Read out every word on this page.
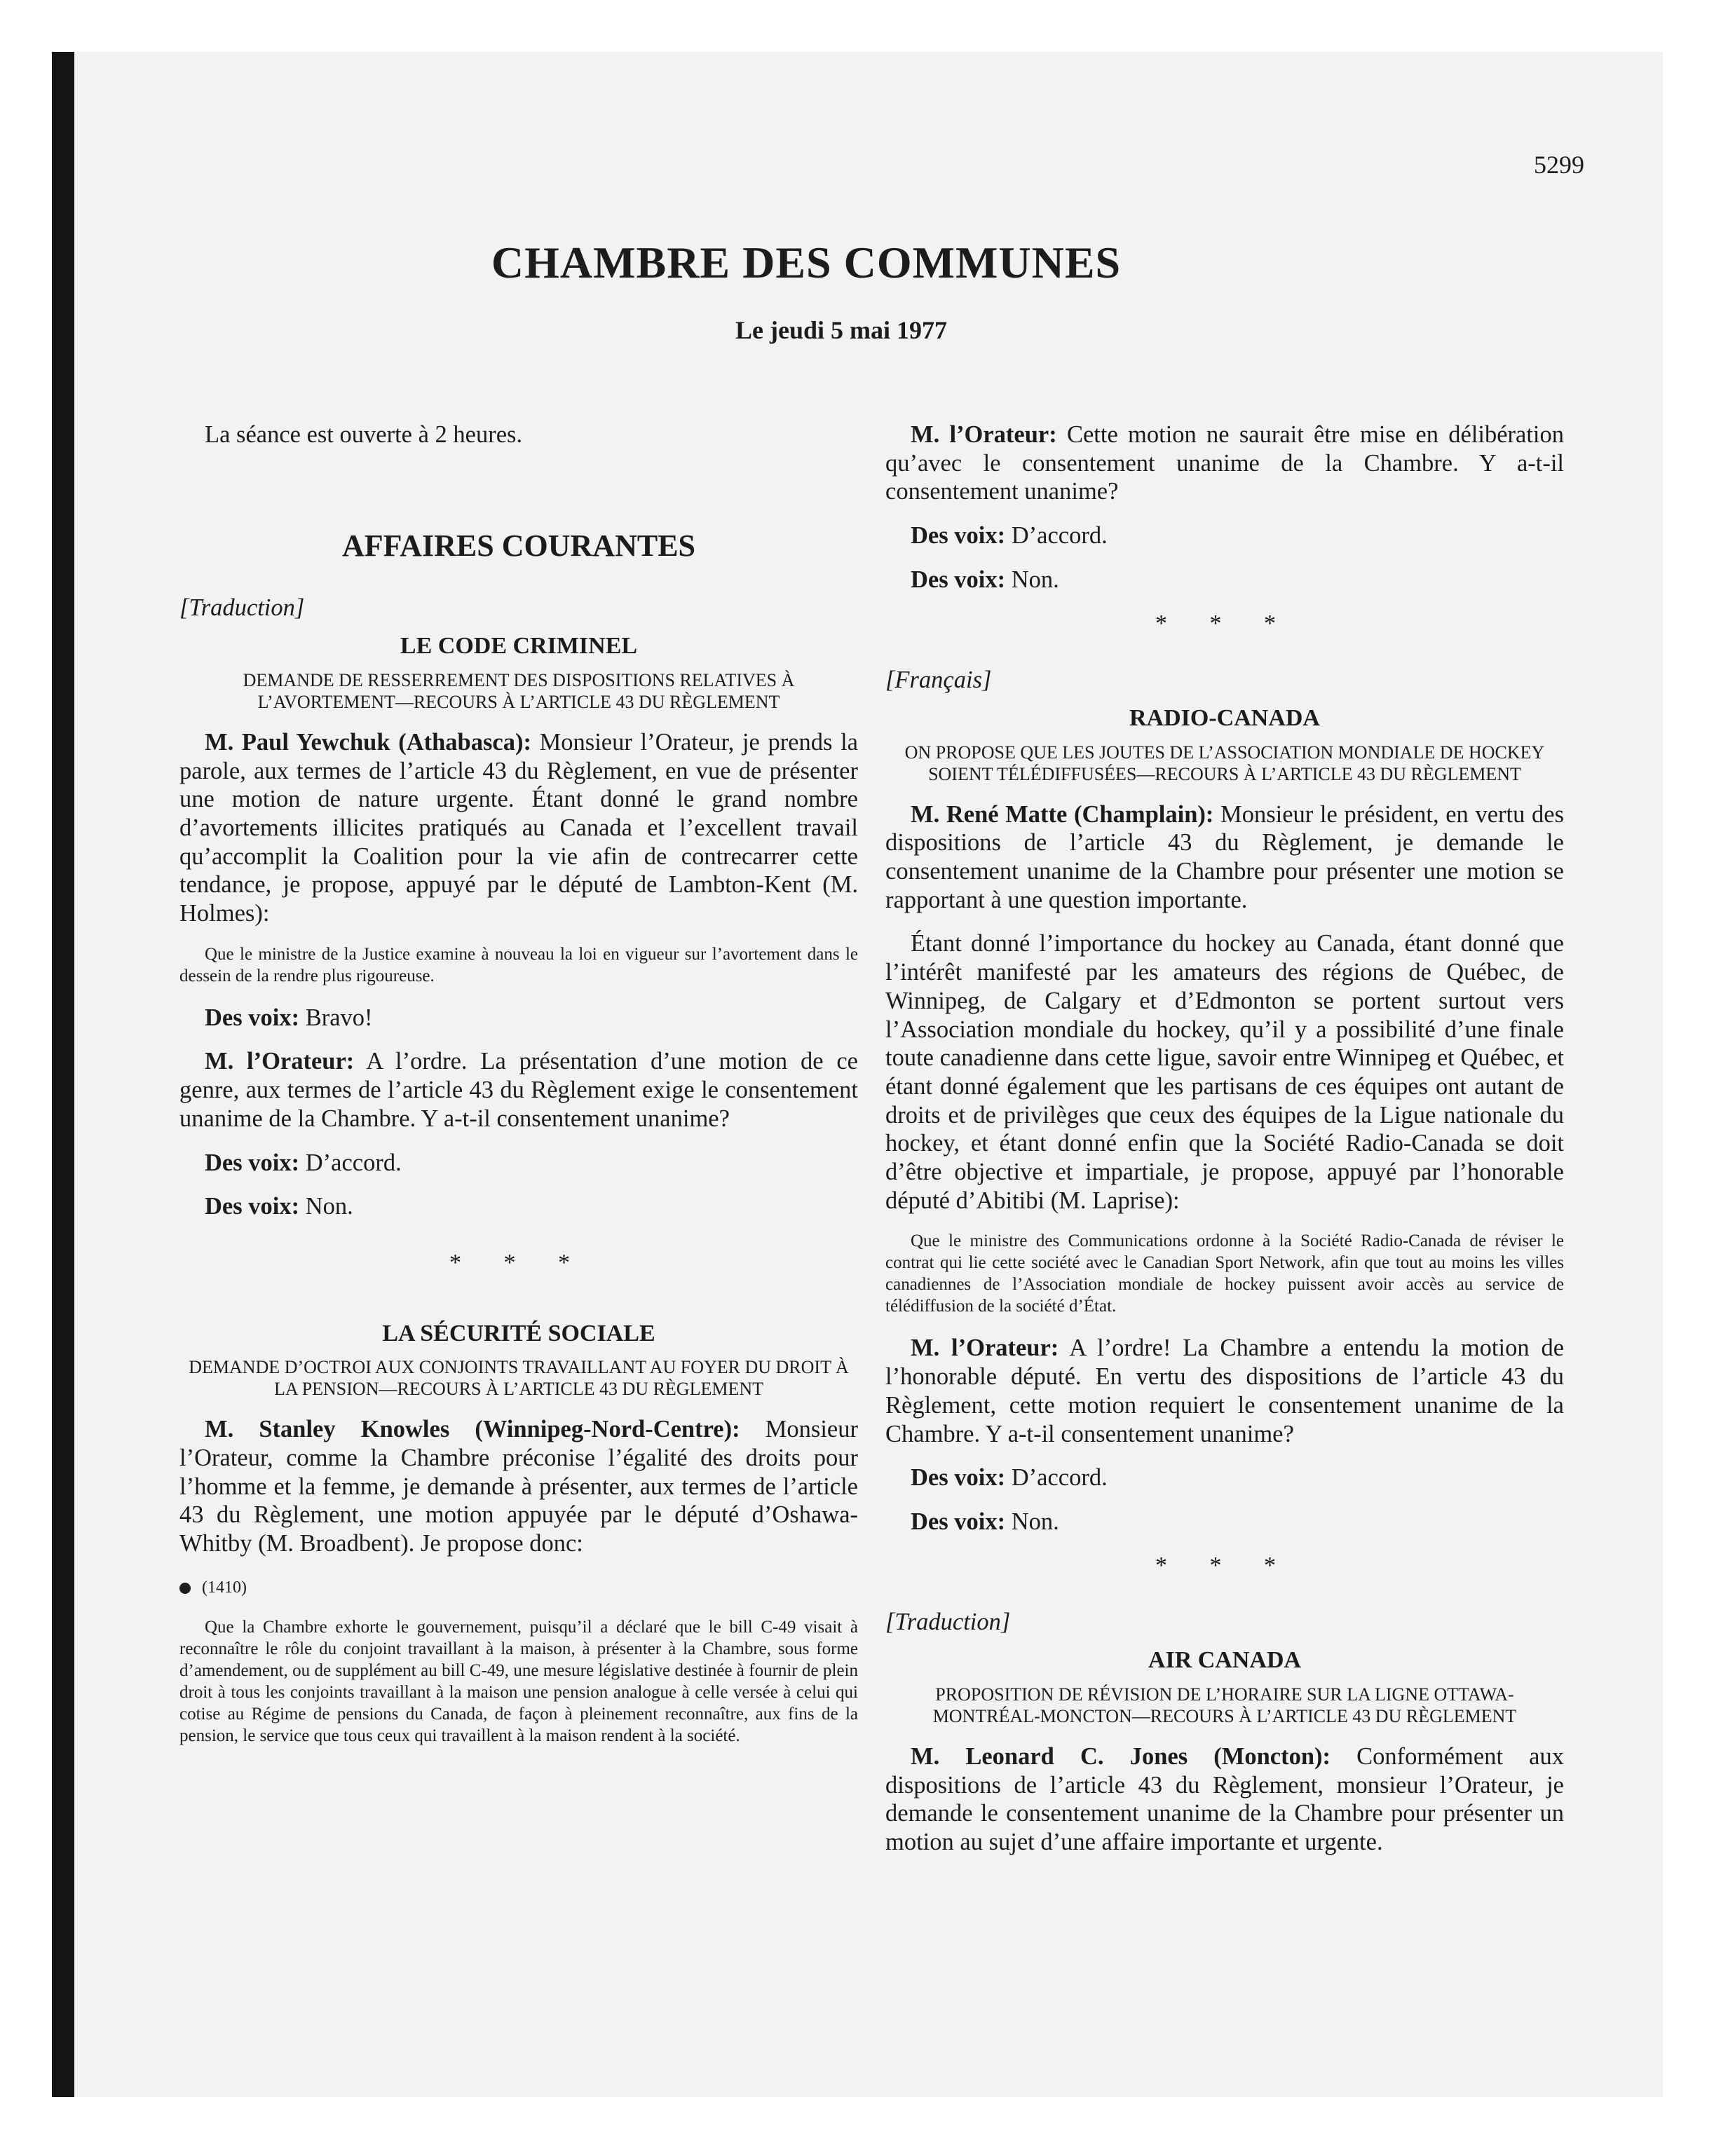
5299
CHAMBRE DES COMMUNES
Le jeudi 5 mai 1977

La séance est ouverte à 2 heures.

AFFAIRES COURANTES
[Traduction]
LE CODE CRIMINEL
DEMANDE DE RESSERREMENT DES DISPOSITIONS RELATIVES À L’AVORTEMENT—RECOURS À L’ARTICLE 43 DU RÈGLEMENT

M. Paul Yewchuk (Athabasca): Monsieur l’Orateur, je prends la parole, aux termes de l’article 43 du Règlement, en vue de présenter une motion de nature urgente. Étant donné le grand nombre d’avortements illicites pratiqués au Canada et l’excellent travail qu’accomplit la Coalition pour la vie afin de contrecarrer cette tendance, je propose, appuyé par le député de Lambton-Kent (M. Holmes):

Que le ministre de la Justice examine à nouveau la loi en vigueur sur l’avortement dans le dessein de la rendre plus rigoureuse.

Des voix: Bravo!

M. l’Orateur: A l’ordre. La présentation d’une motion de ce genre, aux termes de l’article 43 du Règlement exige le consentement unanime de la Chambre. Y a-t-il consentement unanime?

Des voix: D’accord.

Des voix: Non.

* * *
LA SÉCURITÉ SOCIALE
DEMANDE D’OCTROI AUX CONJOINTS TRAVAILLANT AU FOYER DU DROIT À LA PENSION—RECOURS À L’ARTICLE 43 DU RÈGLEMENT

M. Stanley Knowles (Winnipeg-Nord-Centre): Monsieur l’Orateur, comme la Chambre préconise l’égalité des droits pour l’homme et la femme, je demande à présenter, aux termes de l’article 43 du Règlement, une motion appuyée par le député d’Oshawa-Whitby (M. Broadbent). Je propose donc:

(1410)
Que la Chambre exhorte le gouvernement, puisqu’il a déclaré que le bill C-49 visait à reconnaître le rôle du conjoint travaillant à la maison, à présenter à la Chambre, sous forme d’amendement, ou de supplément au bill C-49, une mesure législative destinée à fournir de plein droit à tous les conjoints travaillant à la maison une pension analogue à celle versée à celui qui cotise au Régime de pensions du Canada, de façon à pleinement reconnaître, aux fins de la pension, le service que tous ceux qui travaillent à la maison rendent à la société.

M. l’Orateur: Cette motion ne saurait être mise en délibération qu’avec le consentement unanime de la Chambre. Y a-t-il consentement unanime?

Des voix: D’accord.

Des voix: Non.

* * *
[Français]
RADIO-CANADA
ON PROPOSE QUE LES JOUTES DE L’ASSOCIATION MONDIALE DE HOCKEY SOIENT TÉLÉDIFFUSÉES—RECOURS À L’ARTICLE 43 DU RÈGLEMENT

M. René Matte (Champlain): Monsieur le président, en vertu des dispositions de l’article 43 du Règlement, je demande le consentement unanime de la Chambre pour présenter une motion se rapportant à une question importante.

Étant donné l’importance du hockey au Canada, étant donné que l’intérêt manifesté par les amateurs des régions de Québec, de Winnipeg, de Calgary et d’Edmonton se portent surtout vers l’Association mondiale du hockey, qu’il y a possibilité d’une finale toute canadienne dans cette ligue, savoir entre Winnipeg et Québec, et étant donné également que les partisans de ces équipes ont autant de droits et de privilèges que ceux des équipes de la Ligue nationale du hockey, et étant donné enfin que la Société Radio-Canada se doit d’être objective et impartiale, je propose, appuyé par l’honorable député d’Abitibi (M. Laprise):

Que le ministre des Communications ordonne à la Société Radio-Canada de réviser le contrat qui lie cette société avec le Canadian Sport Network, afin que tout au moins les villes canadiennes de l’Association mondiale de hockey puissent avoir accès au service de télédiffusion de la société d’État.

M. l’Orateur: A l’ordre! La Chambre a entendu la motion de l’honorable député. En vertu des dispositions de l’article 43 du Règlement, cette motion requiert le consentement unanime de la Chambre. Y a-t-il consentement unanime?

Des voix: D’accord.

Des voix: Non.

* * *
[Traduction]
AIR CANADA
PROPOSITION DE RÉVISION DE L’HORAIRE SUR LA LIGNE OTTAWA-MONTRÉAL-MONCTON—RECOURS À L’ARTICLE 43 DU RÈGLEMENT

M. Leonard C. Jones (Moncton): Conformément aux dispositions de l’article 43 du Règlement, monsieur l’Orateur, je demande le consentement unanime de la Chambre pour présenter un motion au sujet d’une affaire importante et urgente.
